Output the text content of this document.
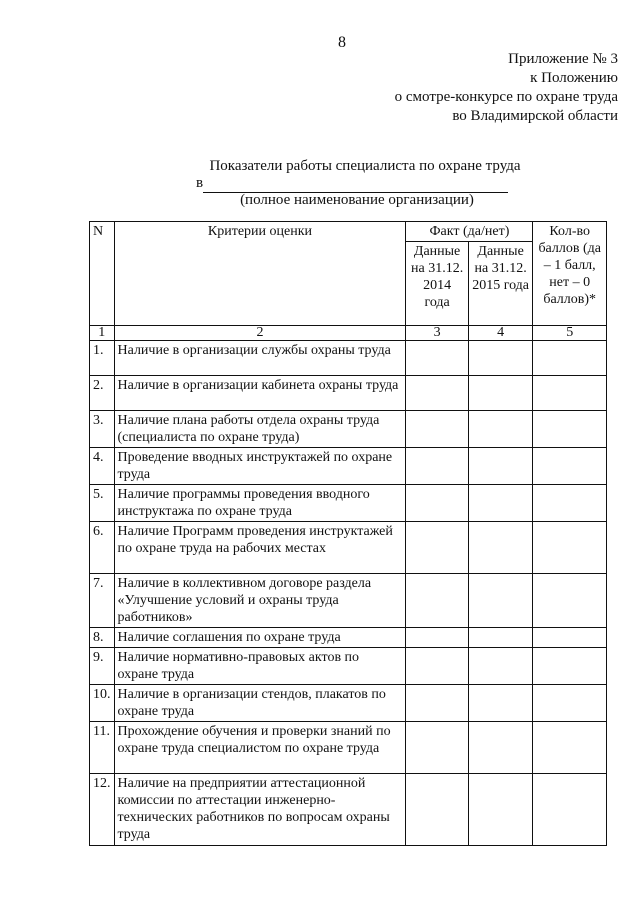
8
Приложение № 3
к Положению
о смотре-конкурсе по охране труда
во Владимирской области
Показатели работы специалиста по охране труда
в
(полное наименование организации)
N	Критерии оценки	Факт (да/нет)		Кол-во баллов (да – 1 балл, нет – 0 баллов)*
		Данные на 31.12. 2014 года	Данные на 31.12. 2015 года	
1	2	3	4	5
1.	Наличие в организации службы охраны труда			
2.	Наличие в организации кабинета охраны труда			
3.	Наличие плана работы отдела охраны труда (специалиста по охране труда)			
4.	Проведение вводных инструктажей по охране труда			
5.	Наличие программы проведения вводного инструктажа по охране труда			
6.	Наличие Программ проведения инструктажей по охране труда на рабочих местах			
7.	Наличие в коллективном договоре раздела «Улучшение условий и охраны труда работников»			
8.	Наличие соглашения по охране труда			
9.	Наличие нормативно-правовых актов по охране труда			
10.	Наличие в организации стендов, плакатов по охране труда			
11.	Прохождение обучения и проверки знаний по охране труда специалистом по охране труда			
12.	Наличие на предприятии аттестационной комиссии по аттестации инженерно-технических работников по вопросам охраны труда			
